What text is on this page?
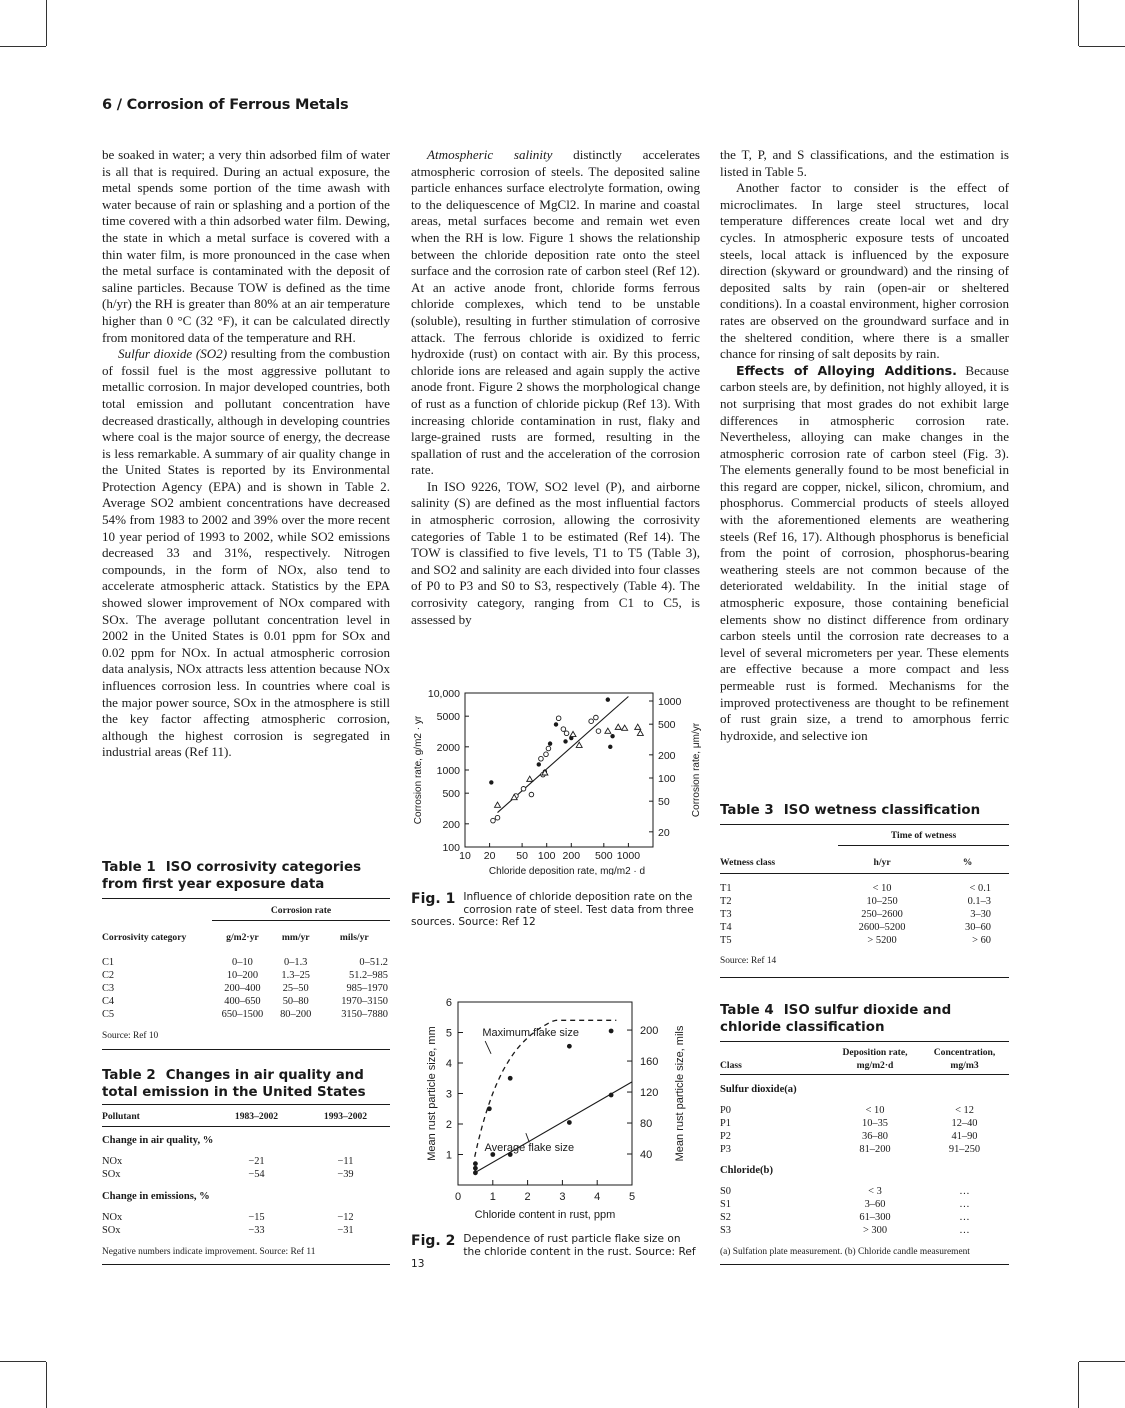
6 / Corrosion of Ferrous Metals

be soaked in water; a very thin adsorbed film of water is all that is required. During an actual exposure, the metal spends some portion of the time awash with water because of rain or splashing and a portion of the time covered with a thin adsorbed water film. Dewing, the state in which a metal surface is covered with a thin water film, is more pronounced in the case when the metal surface is contaminated with the deposit of saline particles. Because TOW is defined as the time (h/yr) the RH is greater than 80% at an air temperature higher than 0 °C (32 °F), it can be calculated directly from monitored data of the temperature and RH.

Sulfur dioxide (SO2) resulting from the combustion of fossil fuel is the most aggressive pollutant to metallic corrosion. In major developed countries, both total emission and pollutant concentration have decreased drastically, although in developing countries where coal is the major source of energy, the decrease is less remarkable. A summary of air quality change in the United States is reported by its Environmental Protection Agency (EPA) and is shown in Table 2. Average SO2 ambient concentrations have decreased 54% from 1983 to 2002 and 39% over the more recent 10 year period of 1993 to 2002, while SO2 emissions decreased 33 and 31%, respectively. Nitrogen compounds, in the form of NOx, also tend to accelerate atmospheric attack. Statistics by the EPA showed slower improvement of NOx compared with SOx. The average pollutant concentration level in 2002 in the United States is 0.01 ppm for SOx and 0.02 ppm for NOx. In actual atmospheric corrosion data analysis, NOx attracts less attention because NOx influences corrosion less. In countries where coal is the major power source, SOx in the atmosphere is still the key factor affecting atmospheric corrosion, although the highest corrosion is segregated in industrial areas (Ref 11).

Table 1 ISO corrosivity categories from first year exposure data
	Corrosion rate		
Corrosivity category	g/m2·yr	mm/yr	mils/yr
C1	0–10	0–1.3	0–51.2
C2	10–200	1.3–25	51.2–985
C3	200–400	25–50	985–1970
C4	400–650	50–80	1970–3150
C5	650–1500	80–200	3150–7880
Source: Ref 10			
Table 2 Changes in air quality and total emission in the United States
Pollutant	1983–2002	1993–2002
Change in air quality, %		
NOx	−21	−11
SOx	−54	−39
Change in emissions, %		
NOx	−15	−12
SOx	−33	−31
Negative numbers indicate improvement. Source: Ref 11		

Atmospheric salinity distinctly accelerates atmospheric corrosion of steels. The deposited saline particle enhances surface electrolyte formation, owing to the deliquescence of MgCl2. In marine and coastal areas, metal surfaces become and remain wet even when the RH is low. Figure 1 shows the relationship between the chloride deposition rate onto the steel surface and the corrosion rate of carbon steel (Ref 12). At an active anode front, chloride forms ferrous chloride complexes, which tend to be unstable (soluble), resulting in further stimulation of corrosive attack. The ferrous chloride is oxidized to ferric hydroxide (rust) on contact with air. By this process, chloride ions are released and again supply the active anode front. Figure 2 shows the morphological change of rust as a function of chloride pickup (Ref 13). With increasing chloride contamination in rust, flaky and large-grained rusts are formed, resulting in the spallation of rust and the acceleration of the corrosion rate.

In ISO 9226, TOW, SO2 level (P), and airborne salinity (S) are defined as the most influential factors in atmospheric corrosion, allowing the corrosivity categories of Table 1 to be estimated (Ref 14). The TOW is classified to five levels, T1 to T5 (Table 3), and SO2 and salinity are each divided into four classes of P0 to P3 and S0 to S3, respectively (Table 4). The corrosivity category, ranging from C1 to C5, is assessed by

10 20 50 100 200 500 1000
100
200
500
1000
2000
5000
10,000
20
50
100
200
500
1000
Chloride deposition rate, mg/m2 · d
Corrosion rate, g/m2 · yr	Corrosion rate, μm/yr
Fig. 1 Influence of chloride deposition rate on the corrosion rate of steel. Test data from three sources. Source: Ref 12
0	1	2	3	4	5
1
2
3
4
5
6
40
80
120
160
200
Chloride content in rust, ppm
Mean rust particle size, mm	Mean rust particle size, mils
Maximum flake size
Average flake size
Fig. 2 Dependence of rust particle flake size on the chloride content in the rust. Source: Ref 13

the T, P, and S classifications, and the estimation is listed in Table 5.

Another factor to consider is the effect of microclimates. In large steel structures, local temperature differences create local wet and dry cycles. In atmospheric exposure tests of uncoated steels, local attack is influenced by the exposure direction (skyward or groundward) and the rinsing of deposited salts by rain (open-air or sheltered conditions). In a coastal environment, higher corrosion rates are observed on the groundward surface and in the sheltered condition, where there is a smaller chance for rinsing of salt deposits by rain.

Effects of Alloying Additions. Because carbon steels are, by definition, not highly alloyed, it is not surprising that most grades do not exhibit large differences in atmospheric corrosion rate. Nevertheless, alloying can make changes in the atmospheric corrosion rate of carbon steel (Fig. 3). The elements generally found to be most beneficial in this regard are copper, nickel, silicon, chromium, and phosphorus. Commercial products of steels alloyed with the aforementioned elements are weathering steels (Ref 16, 17). Although phosphorus is beneficial from the point of corrosion, phosphorus-bearing weathering steels are not common because of the deteriorated weldability. In the initial stage of atmospheric exposure, those containing beneficial elements show no distinct difference from ordinary carbon steels until the corrosion rate decreases to a level of several micrometers per year. These elements are effective because a more compact and less permeable rust is formed. Mechanisms for the improved protectiveness are thought to be refinement of rust grain size, a trend to amorphous ferric hydroxide, and selective ion

Table 3 ISO wetness classification
	Time of wetness	
Wetness class	h/yr	%
T1	< 10	< 0.1
T2	10–250	0.1–3
T3	250–2600	3–30
T4	2600–5200	30–60
T5	> 5200	> 60
Source: Ref 14		
Table 4 ISO sulfur dioxide and chloride classification
Class	Deposition rate, mg/m2·d	Concentration, mg/m3
Sulfur dioxide(a)		
P0	< 10	< 12
P1	10–35	12–40
P2	36–80	41–90
P3	81–200	91–250
Chloride(b)		
S0	< 3	…
S1	3–60	…
S2	61–300	…
S3	> 300	…
(a) Sulfation plate measurement. (b) Chloride candle measurement		
